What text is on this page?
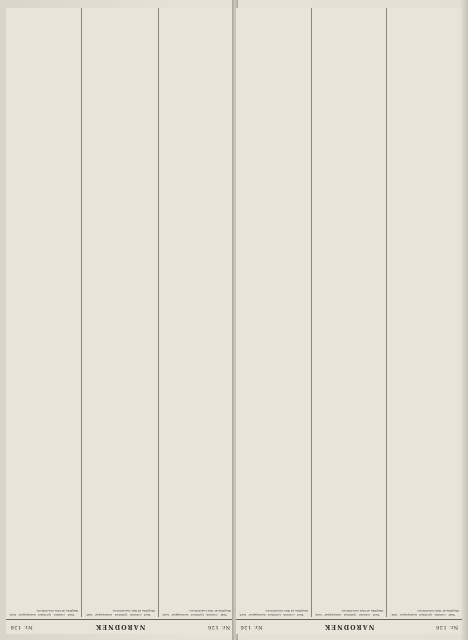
Nr. 126
NARODNEK
Nr. 126

Text column (printed newspaper text, illegible at this resolution).

Text column (printed newspaper text, illegible at this resolution).

Text column (printed newspaper text, illegible at this resolution).

Nr. 126
NARODNEK
Nr. 126

Text column (printed newspaper text, illegible at this resolution).

Text column (printed newspaper text, illegible at this resolution).

Text column (printed newspaper text, illegible at this resolution).
